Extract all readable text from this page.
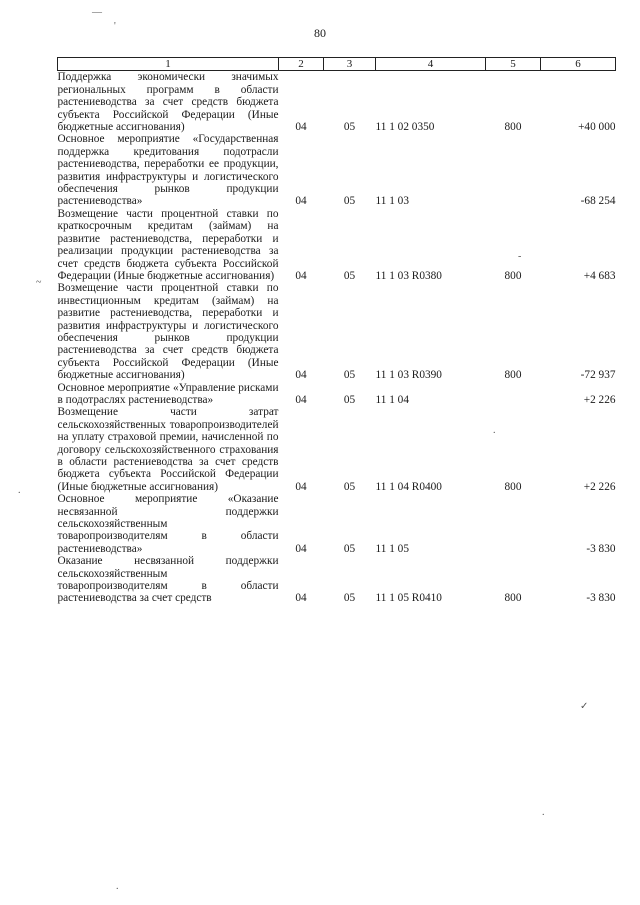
80
—
'
~
.
.
.
-
.
✓
1	2	3	4	5	6
Поддержка экономически значимых региональных программ в области растениеводства за счет средств бюджета субъекта Российской Федерации (Иные бюджетные ассигнования)	04	05	11 1 02 0350	800	+40 000
Основное мероприятие «Государственная поддержка кредитования подотрасли растениеводства, переработки ее продукции, развития инфраструктуры и логистического обеспечения рынков продукции растениеводства»	04	05	11 1 03		-68 254
Возмещение части процентной ставки по краткосрочным кредитам (займам) на развитие растениеводства, переработки и реализации продукции растениеводства за счет средств бюджета субъекта Российской Федерации (Иные бюджетные ассигнования)	04	05	11 1 03 R0380	800	+4 683
Возмещение части процентной ставки по инвестиционным кредитам (займам) на развитие растениеводства, переработки и развития инфраструктуры и логистического обеспечения рынков продукции растениеводства за счет средств бюджета субъекта Российской Федерации (Иные бюджетные ассигнования)	04	05	11 1 03 R0390	800	-72 937
Основное мероприятие «Управление рисками в подотраслях растениеводства»	04	05	11 1 04		+2 226
Возмещение части затрат сельскохозяйственных товаропроизводителей на уплату страховой премии, начисленной по договору сельскохозяйственного страхования в области растениеводства за счет средств бюджета субъекта Российской Федерации (Иные бюджетные ассигнования)	04	05	11 1 04 R0400	800	+2 226
Основное мероприятие «Оказание несвязанной поддержки сельскохозяйственным товаропроизводителям в области растениеводства»	04	05	11 1 05		-3 830
Оказание несвязанной поддержки сельскохозяйственным товаропроизводителям в области растениеводства за счет средств	04	05	11 1 05 R0410	800	-3 830
